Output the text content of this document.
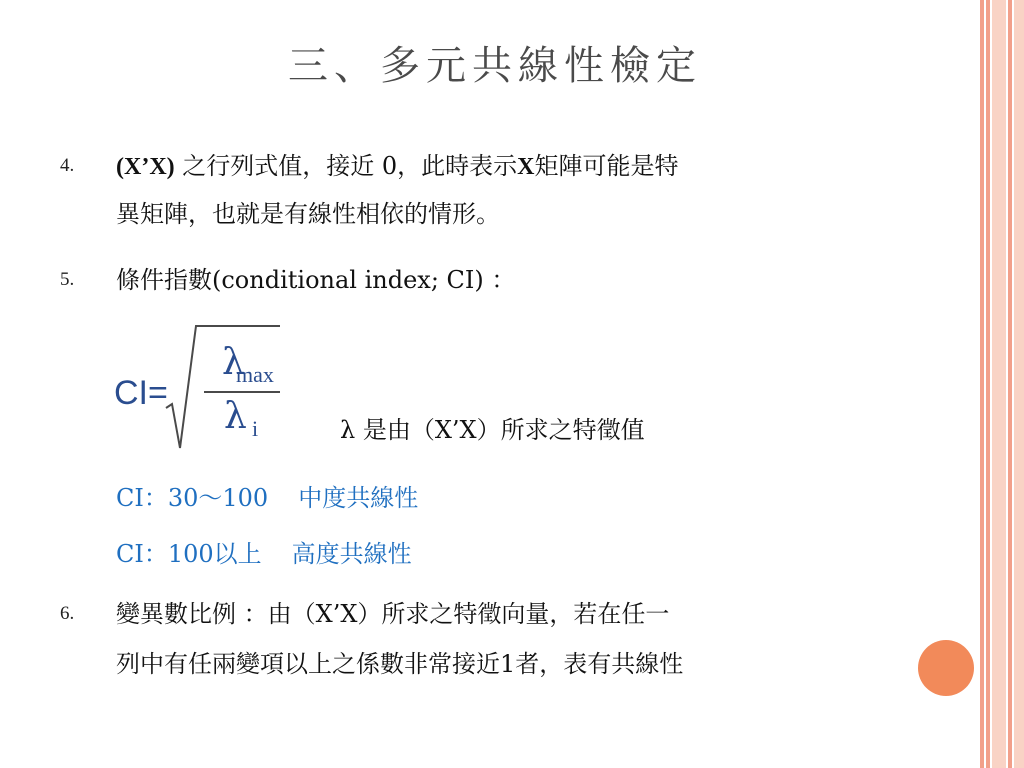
三、多元共線性檢定
4.	(X’X) 之行列式值，接近 0，此時表示X矩陣可能是特
異矩陣，也就是有線性相依的情形。
5.	條件指數(conditional index; CI) ：
CI=
λ
max
λ i	λ 是由（X’X）所求之特徵值
CI：30～100 中度共線性
CI：100以上 高度共線性
6.	變異數比例 ：由（X’X）所求之特徵向量，若在任一
列中有任兩變項以上之係數非常接近1者，表有共線性
